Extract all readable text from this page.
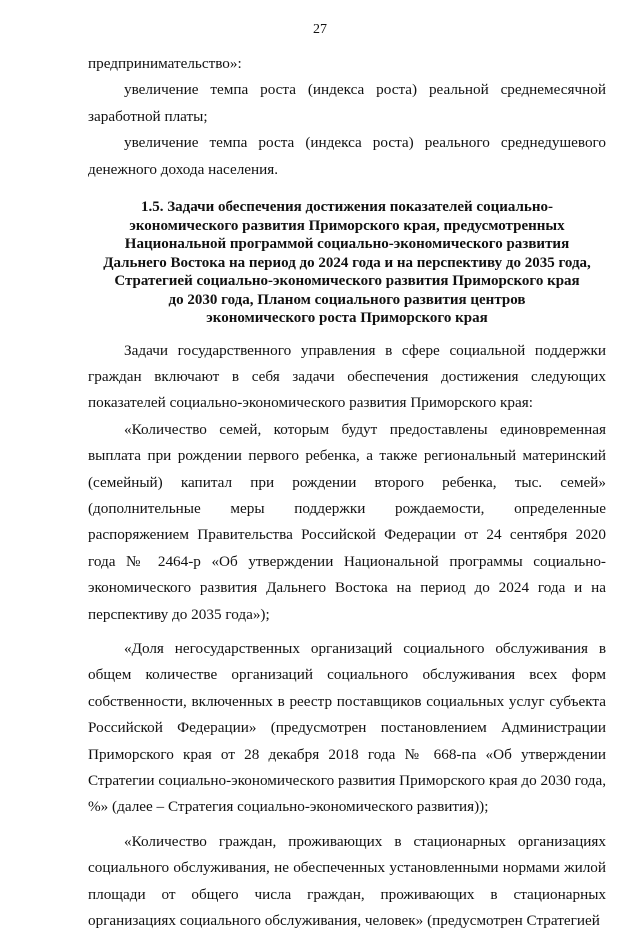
27

предпринимательство»:

увеличение темпа роста (индекса роста) реальной среднемесячной заработной платы;

увеличение темпа роста (индекса роста) реального среднедушевого денежного дохода населения.

1.5. Задачи обеспечения достижения показателей социально-
экономического развития Приморского края, предусмотренных
Национальной программой социально-экономического развития
Дальнего Востока на период до 2024 года и на перспективу до 2035 года,
Стратегией социально-экономического развития Приморского края
до 2030 года, Планом социального развития центров
экономического роста Приморского края

Задачи государственного управления в сфере социальной поддержки граждан включают в себя задачи обеспечения достижения следующих показателей социально-экономического развития Приморского края:

«Количество семей, которым будут предоставлены единовременная выплата при рождении первого ребенка, а также региональный материнский (семейный) капитал при рождении второго ребенка, тыс. семей» (дополнительные меры поддержки рождаемости, определенные распоряжением Правительства Российской Федерации от 24 сентября 2020 года № 2464-р «Об утверждении Национальной программы социально-экономического развития Дальнего Востока на период до 2024 года и на перспективу до 2035 года»);

«Доля негосударственных организаций социального обслуживания в общем количестве организаций социального обслуживания всех форм собственности, включенных в реестр поставщиков социальных услуг субъекта Российской Федерации» (предусмотрен постановлением Администрации Приморского края от 28 декабря 2018 года № 668-па «Об утверждении Стратегии социально-экономического развития Приморского края до 2030 года, %» (далее – Стратегия социально-экономического развития));

«Количество граждан, проживающих в стационарных организациях социального обслуживания, не обеспеченных установленными нормами жилой площади от общего числа граждан, проживающих в стационарных организациях социального обслуживания, человек» (предусмотрен Стратегией
